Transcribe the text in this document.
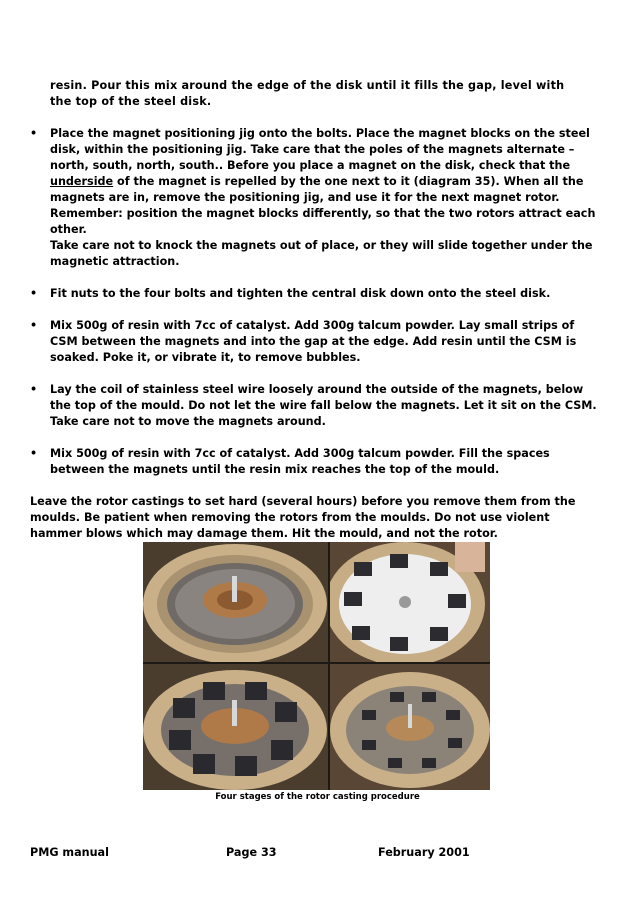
resin. Pour this mix around the edge of the disk until it fills the gap, level with
the top of the steel disk.
•	Place the magnet positioning jig onto the bolts. Place the magnet blocks on the steel disk, within the positioning jig. Take care that the poles of the magnets alternate – north, south, north, south.. Before you place a magnet on the disk, check that the underside of the magnet is repelled by the one next to it (diagram 35). When all the magnets are in, remove the positioning jig, and use it for the next magnet rotor. Remember: position the magnet blocks differently, so that the two rotors attract each other.
Take care not to knock the magnets out of place, or they will slide together under the magnetic attraction.
•	Fit nuts to the four bolts and tighten the central disk down onto the steel disk.
•	Mix 500g of resin with 7cc of catalyst. Add 300g talcum powder. Lay small strips of CSM between the magnets and into the gap at the edge. Add resin until the CSM is soaked. Poke it, or vibrate it, to remove bubbles.
•	Lay the coil of stainless steel wire loosely around the outside of the magnets, below the top of the mould. Do not let the wire fall below the magnets. Let it sit on the CSM. Take care not to move the magnets around.
•	Mix 500g of resin with 7cc of catalyst. Add 300g talcum powder. Fill the spaces between the magnets until the resin mix reaches the top of the mould.
Leave the rotor castings to set hard (several hours) before you remove them from the moulds. Be patient when removing the rotors from the moulds. Do not use violent hammer blows which may damage them. Hit the mould, and not the rotor.
Four stages of the rotor casting procedure
PMG manual	Page 33	February 2001
